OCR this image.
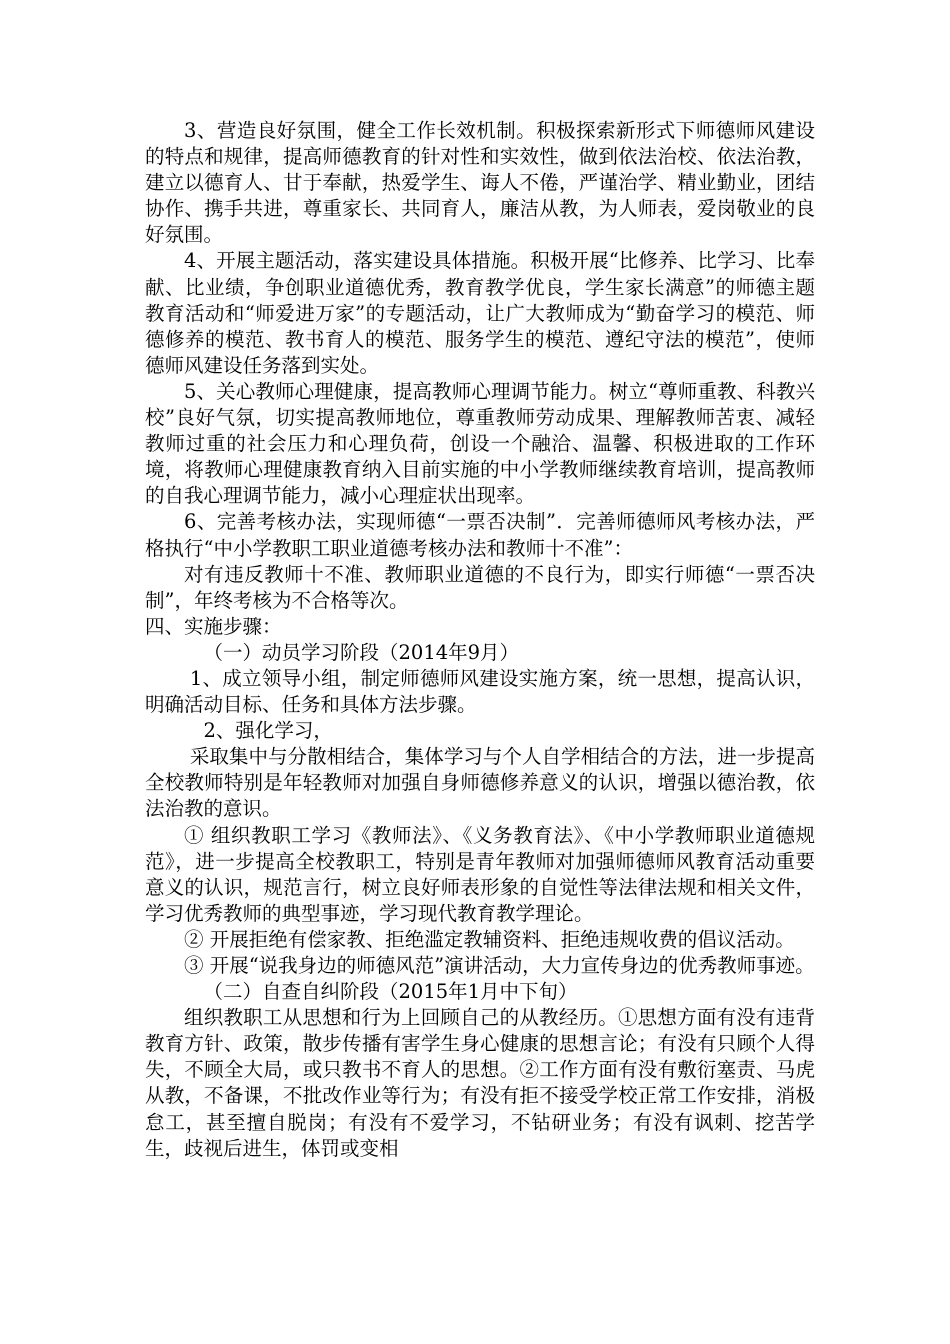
3、营造良好氛围，健全工作长效机制。积极探索新形式下师德师风建设的特点和规律，提高师德教育的针对性和实效性，做到依法治校、依法治教，建立以德育人、甘于奉献，热爱学生、诲人不倦，严谨治学、精业勤业，团结协作、携手共进，尊重家长、共同育人，廉洁从教，为人师表，爱岗敬业的良好氛围。

4、开展主题活动，落实建设具体措施。积极开展“比修养、比学习、比奉献、比业绩，争创职业道德优秀，教育教学优良，学生家长满意”的师德主题教育活动和“师爱进万家”的专题活动，让广大教师成为“勤奋学习的模范、师德修养的模范、教书育人的模范、服务学生的模范、遵纪守法的模范”，使师德师风建设任务落到实处。

5、关心教师心理健康，提高教师心理调节能力。树立“尊师重教、科教兴校”良好气氛，切实提高教师地位，尊重教师劳动成果、理解教师苦衷、减轻教师过重的社会压力和心理负荷，创设一个融洽、温馨、积极进取的工作环境，将教师心理健康教育纳入目前实施的中小学教师继续教育培训，提高教师的自我心理调节能力，减小心理症状出现率。

6、完善考核办法，实现师德“一票否决制”．完善师德师风考核办法，严格执行“中小学教职工职业道德考核办法和教师十不准”：

对有违反教师十不准、教师职业道德的不良行为，即实行师德“一票否决制”，年终考核为不合格等次。

四、实施步骤：

（一）动员学习阶段（2014年9月）

1、成立领导小组，制定师德师风建设实施方案，统一思想，提高认识，明确活动目标、任务和具体方法步骤。

2、强化学习，

采取集中与分散相结合，集体学习与个人自学相结合的方法，进一步提高全校教师特别是年轻教师对加强自身师德修养意义的认识，增强以德治教，依法治教的意识。

① 组织教职工学习《教师法》、《义务教育法》、《中小学教师职业道德规范》，进一步提高全校教职工，特别是青年教师对加强师德师风教育活动重要意义的认识，规范言行，树立良好师表形象的自觉性等法律法规和相关文件，学习优秀教师的典型事迹，学习现代教育教学理论。

② 开展拒绝有偿家教、拒绝滥定教辅资料、拒绝违规收费的倡议活动。

③ 开展“说我身边的师德风范”演讲活动，大力宣传身边的优秀教师事迹。

（二）自查自纠阶段（2015年1月中下旬）

组织教职工从思想和行为上回顾自己的从教经历。①思想方面有没有违背教育方针、政策，散步传播有害学生身心健康的思想言论；有没有只顾个人得失，不顾全大局，或只教书不育人的思想。②工作方面有没有敷衍塞责、马虎从教，不备课，不批改作业等行为；有没有拒不接受学校正常工作安排，消极怠工，甚至擅自脱岗；有没有不爱学习，不钻研业务；有没有讽刺、挖苦学生，歧视后进生，体罚或变相
